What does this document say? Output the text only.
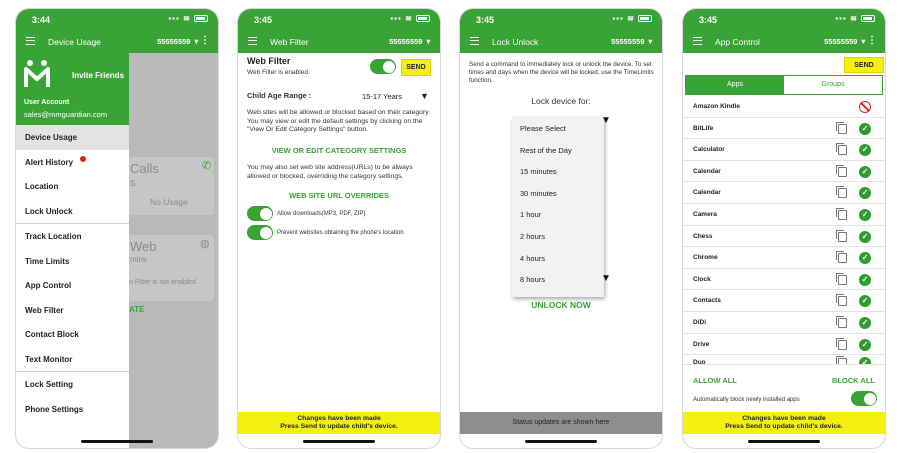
Calls
s
✆
No Usage
Web
mins
◍
n Filter is not enabled
ATE
3:44	▪▪▪ ≋
Device Usage	55555559 ▼ ⋮
Invite Friends
User Account
sales@mmguardian.com
Device Usage
Alert History
Location
Lock Unlock
Track Location
Time Limits
App Control
Web Filter
Contact Block
Text Monitor
Lock Setting
Phone Settings
3:45	▪▪▪ ≋
Web Filter	55555559 ▼
Web Filter
Web Filter is enabled.
SEND
Child Age Range :	15-17 Years ▼
Web sites will be allowed or blocked based on their category. You may view or edit the default settings by clicking on the "View Or Edit Category Settings" button.
VIEW OR EDIT CATEGORY SETTINGS
You may also set web site address(URLs) to be always allowed or blocked, overriding the category settings.
WEB SITE URL OVERRIDES
Allow downloads(MP3, PDF, ZIP)
Prevent websites obtaining the phone's location
Changes have been made
Press Send to update child's device.
3:45	▪▪▪ ≋
Lock Unlock	55555559 ▼
Send a command to immediately lock or unlock the device. To set times and days when the device will be locked, use the TimeLimits function.
Lock device for:
Please Select
Rest of the Day
15 minutes
30 minutes
1 hour
2 hours
4 hours
8 hours
▼
▼
UNLOCK NOW
Status updates are shown here
3:45	▪▪▪ ≋
App Control	55555559 ▼ ⋮
SEND
Apps	Groups
Amazon Kindle
BitLife	✓
Calculator	✓
Calendar	✓
Calendar	✓
Camera	✓
Chess	✓
Chrome	✓
Clock	✓
Contacts	✓
DiDi	✓
Drive	✓
Duo	✓
ALLOW ALL	BLOCK ALL
Automatically block newly installed apps
Changes have been made
Press Send to update child's device.
